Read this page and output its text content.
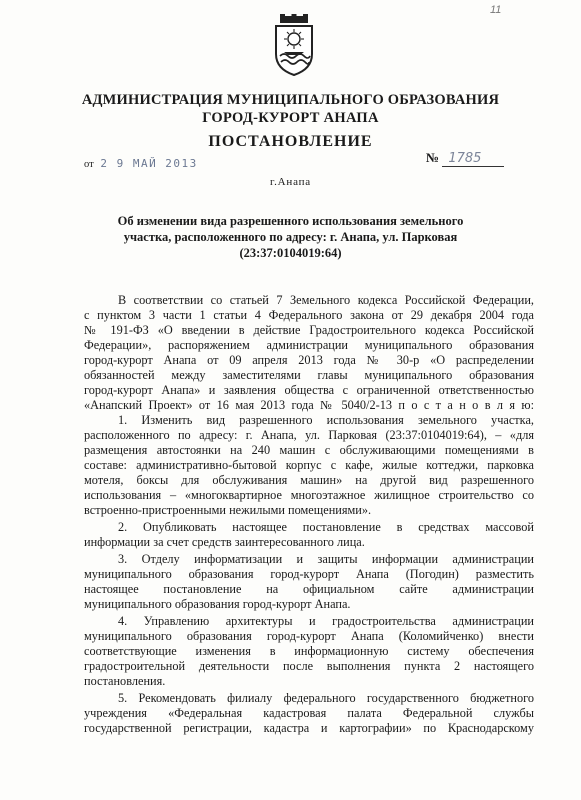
11
АДМИНИСТРАЦИЯ МУНИЦИПАЛЬНОГО ОБРАЗОВАНИЯ
ГОРОД-КУРОРТ АНАПА
ПОСТАНОВЛЕНИЕ
от 2 9 МАЙ 2013	№ 1785
г.Анапа
Об изменении вида разрешенного использования земельного
участка, расположенного по адресу: г. Анапа, ул. Парковая
(23:37:0104019:64)
В соответствии со статьей 7 Земельного кодекса Российской Федерации,
с пунктом 3 части 1 статьи 4 Федерального закона от 29 декабря 2004 года
№ 191-ФЗ «О введении в действие Градостроительного кодекса Российской
Федерации», распоряжением администрации муниципального образования
город-курорт Анапа от 09 апреля 2013 года № 30-р «О распределении
обязанностей между заместителями главы муниципального образования
город-курорт Анапа» и заявления общества с ограниченной ответственностью
«Анапский Проект» от 16 мая 2013 года № 5040/2-13 п о с т а н о в л я ю:
1. Изменить вид разрешенного использования земельного участка,
расположенного по адресу: г. Анапа, ул. Парковая (23:37:0104019:64), – «для
размещения автостоянки на 240 машин с обслуживающими помещениями в
составе: административно-бытовой корпус с кафе, жилые коттеджи, парковка
мотеля, боксы для обслуживания машин» на другой вид разрешенного
использования – «многоквартирное многоэтажное жилищное строительство со
встроенно-пристроенными нежилыми помещениями».
2. Опубликовать настоящее постановление в средствах массовой
информации за счет средств заинтересованного лица.
3. Отделу информатизации и защиты информации администрации
муниципального образования город-курорт Анапа (Погодин) разместить
настоящее постановление на официальном сайте администрации
муниципального образования город-курорт Анапа.
4. Управлению архитектуры и градостроительства администрации
муниципального образования город-курорт Анапа (Коломийченко) внести
соответствующие изменения в информационную систему обеспечения
градостроительной деятельности после выполнения пункта 2 настоящего
постановления.
5. Рекомендовать филиалу федерального государственного бюджетного
учреждения «Федеральная кадастровая палата Федеральной службы
государственной регистрации, кадастра и картографии» по Краснодарскому
